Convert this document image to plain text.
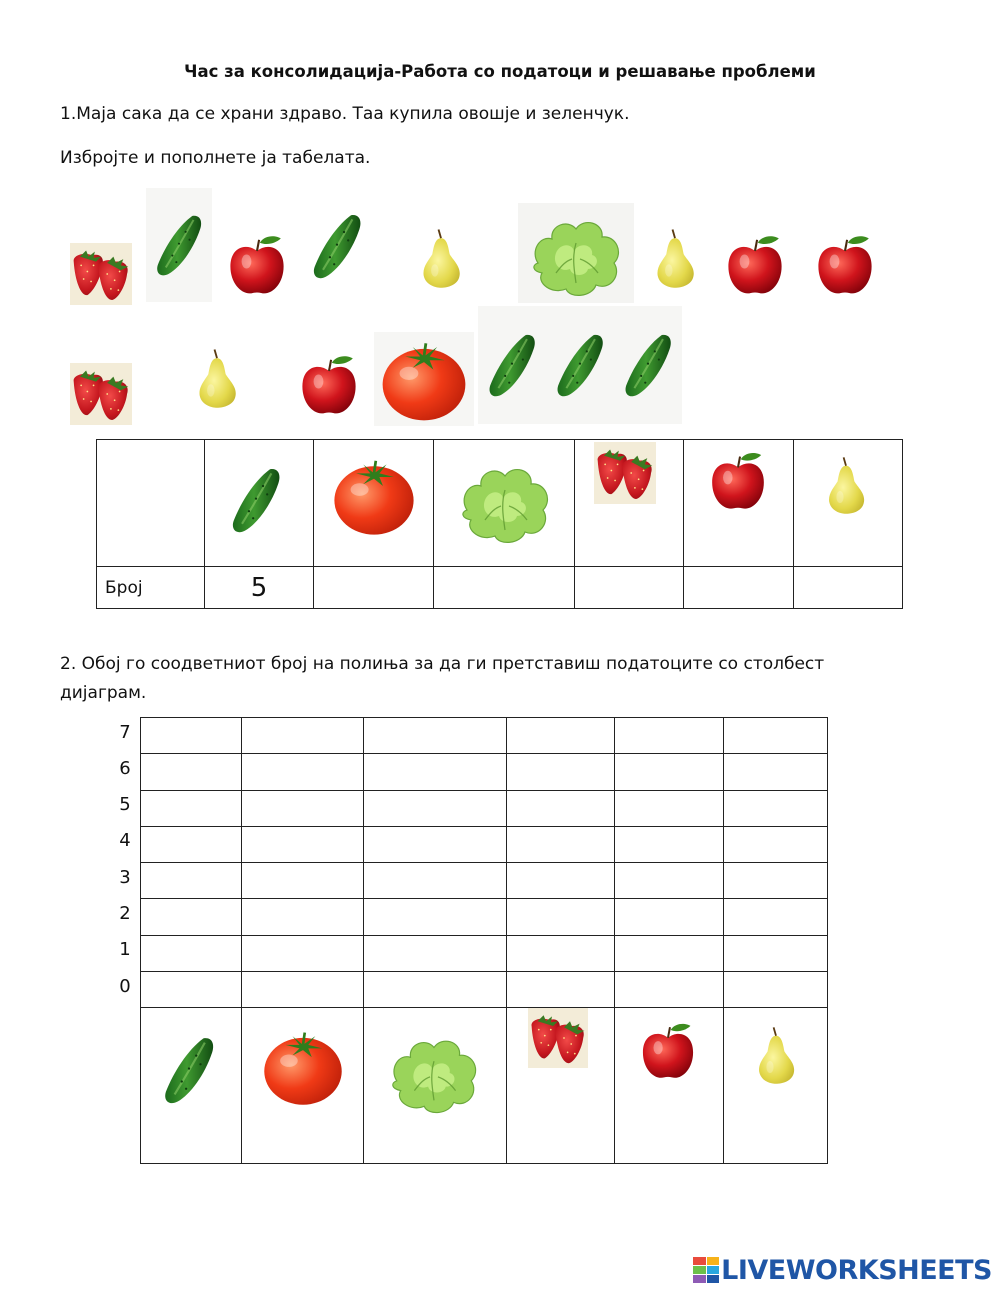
Час за консолидација-Работа со податоци и решавање проблеми
1.Маја сака да се храни здраво. Таа купила овошје и зеленчук.
Избројте и пополнете ја табелата.

Број	5					
2. Обој го соодветниот број на полиња за да ги претставиш податоците со столбест дијаграм.
7
6
5
4
3
2
1
0

LIVEWORKSHEETS
